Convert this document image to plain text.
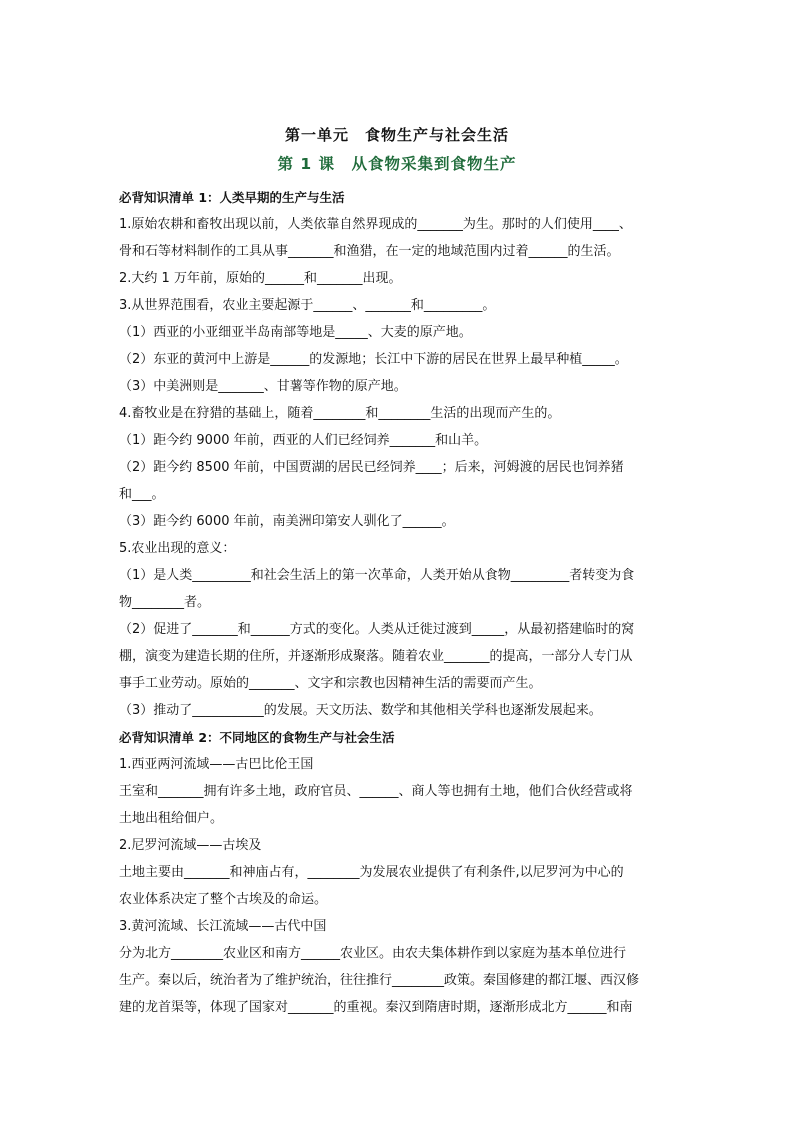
第一单元　食物生产与社会生活
第 1 课　从食物采集到食物生产
必背知识清单 1：人类早期的生产与生活
1.原始农耕和畜牧出现以前，人类依靠自然界现成的_______为生。那时的人们使用____、
骨和石等材料制作的工具从事_______和渔猎，在一定的地域范围内过着______的生活。
2.大约 1 万年前，原始的______和_______出现。
3.从世界范围看，农业主要起源于______、_______和_________。
（1）西亚的小亚细亚半岛南部等地是_____、大麦的原产地。
（2）东亚的黄河中上游是______的发源地；长江中下游的居民在世界上最早种植_____。
（3）中美洲则是_______、甘薯等作物的原产地。
4.畜牧业是在狩猎的基础上，随着________和________生活的出现而产生的。
（1）距今约 9000 年前，西亚的人们已经饲养_______和山羊。
（2）距今约 8500 年前，中国贾湖的居民已经饲养____；后来，河姆渡的居民也饲养猪
和___。
（3）距今约 6000 年前，南美洲印第安人驯化了______。
5.农业出现的意义：
（1）是人类_________和社会生活上的第一次革命，人类开始从食物_________者转变为食
物________者。
（2）促进了_______和______方式的变化。人类从迁徙过渡到_____，从最初搭建临时的窝
棚，演变为建造长期的住所，并逐渐形成聚落。随着农业_______的提高，一部分人专门从
事手工业劳动。原始的_______、文字和宗教也因精神生活的需要而产生。
（3）推动了___________的发展。天文历法、数学和其他相关学科也逐渐发展起来。
必背知识清单 2：不同地区的食物生产与社会生活
1.西亚两河流域——古巴比伦王国
王室和_______拥有许多土地，政府官员、______、商人等也拥有土地，他们合伙经营或将
土地出租给佃户。
2.尼罗河流域——古埃及
土地主要由_______和神庙占有，________为发展农业提供了有利条件,以尼罗河为中心的
农业体系决定了整个古埃及的命运。
3.黄河流域、长江流域——古代中国
分为北方________农业区和南方______农业区。由农夫集体耕作到以家庭为基本单位进行
生产。秦以后，统治者为了维护统治，往往推行________政策。秦国修建的都江堰、西汉修
建的龙首渠等，体现了国家对_______的重视。秦汉到隋唐时期，逐渐形成北方______和南
